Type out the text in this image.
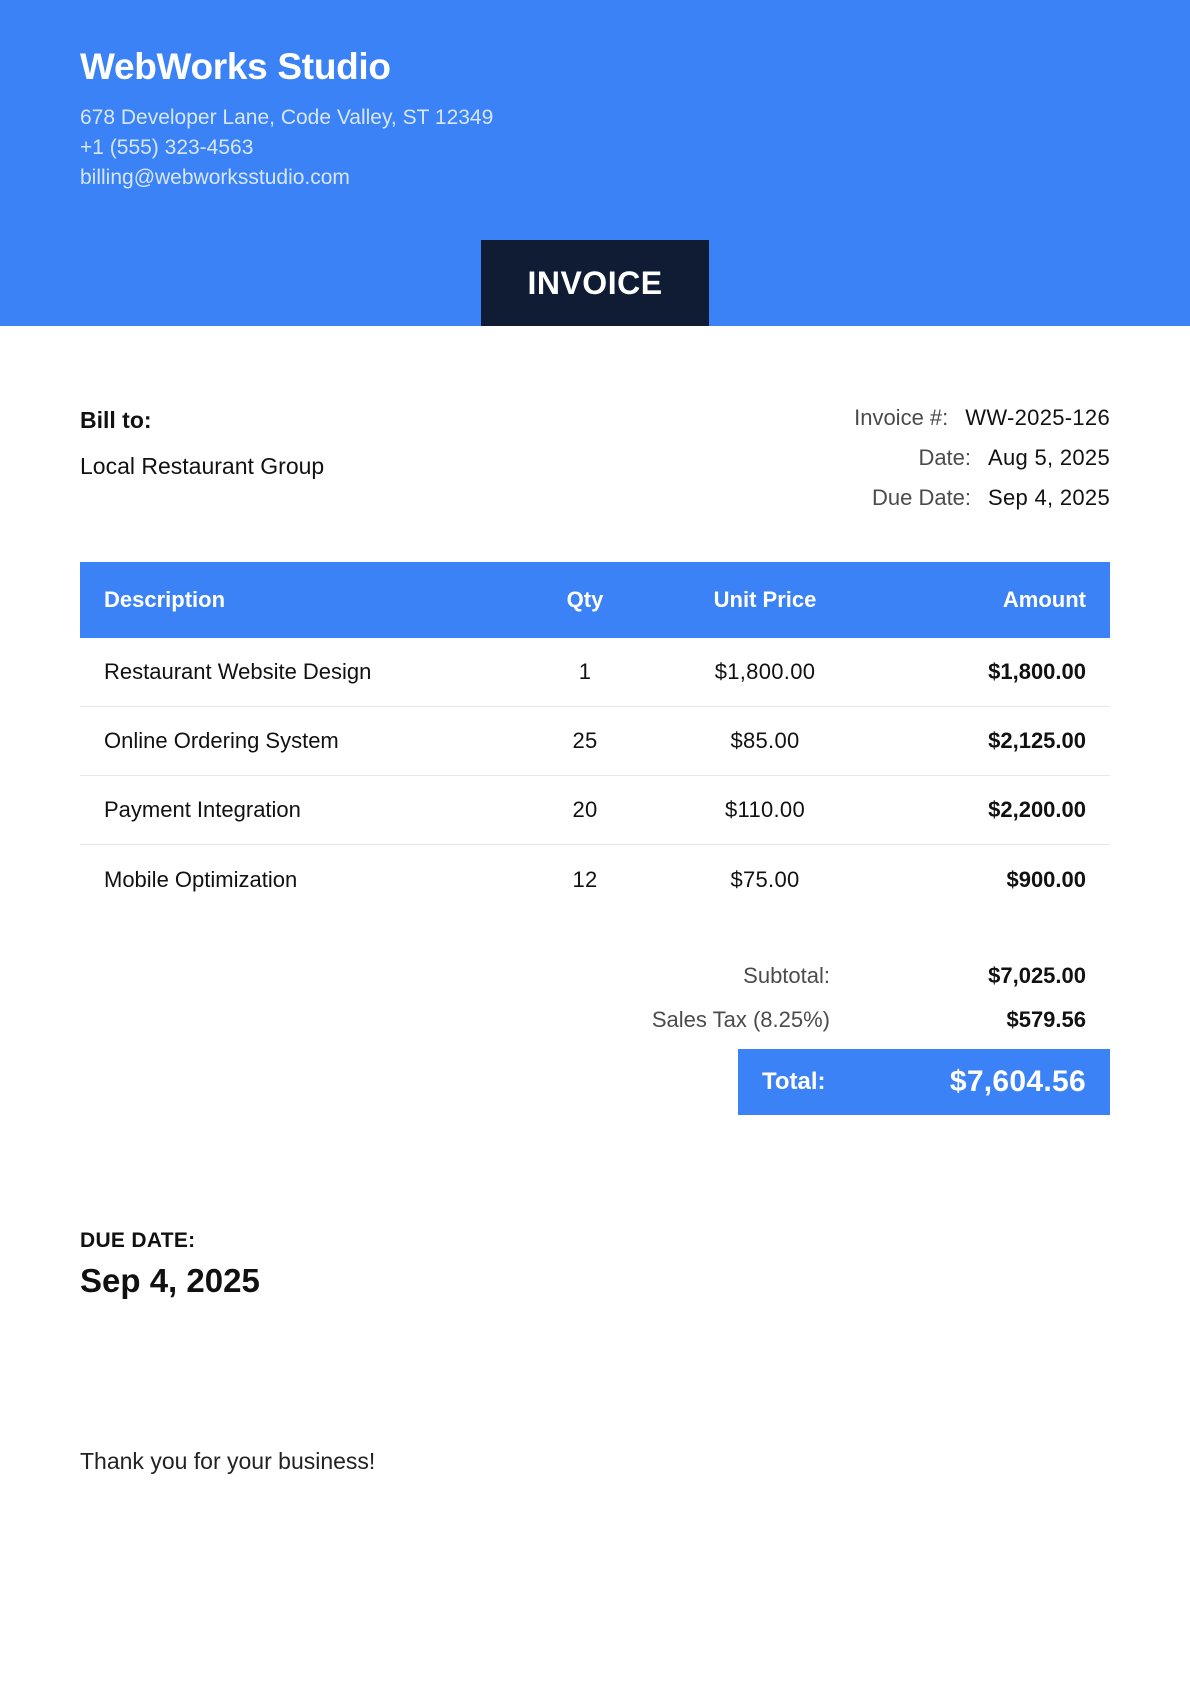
WebWorks Studio
678 Developer Lane, Code Valley, ST 12349
+1 (555) 323-4563
billing@webworksstudio.com
INVOICE
Bill to:
Local Restaurant Group
Invoice #: WW-2025-126
Date: Aug 5, 2025
Due Date: Sep 4, 2025
Description	Qty	Unit Price	Amount
Restaurant Website Design	1	$1,800.00	$1,800.00
Online Ordering System	25	$85.00	$2,125.00
Payment Integration	20	$110.00	$2,200.00
Mobile Optimization	12	$75.00	$900.00
Subtotal:	$7,025.00
Sales Tax (8.25%)	$579.56
Total:	$7,604.56
DUE DATE:
Sep 4, 2025
Thank you for your business!
